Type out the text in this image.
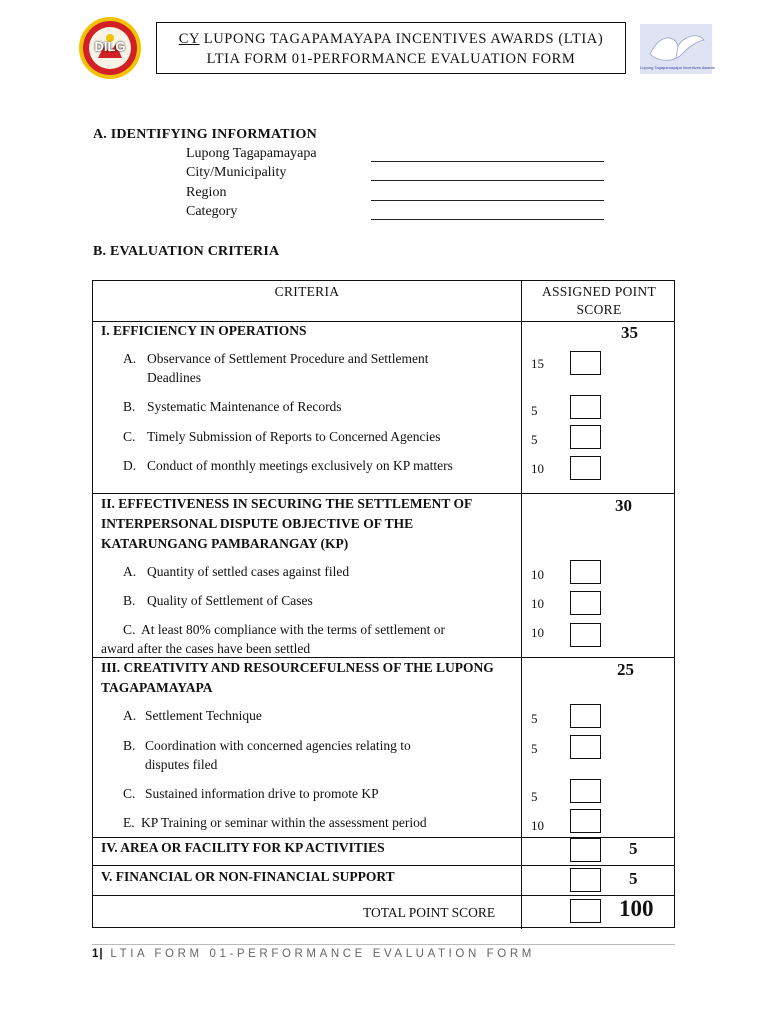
DILG	CY LUPONG TAGAPAMAYAPA INCENTIVES AWARDS (LTIA)
LTIA FORM 01-PERFORMANCE EVALUATION FORM
Lupong Tagapamayapa Incentives Awards
A. IDENTIFYING INFORMATION
Lupong Tagapamayapa
City/Municipality
Region
Category
B. EVALUATION CRITERIA
CRITERIA	ASSIGNED POINT
SCORE
I. EFFICIENCY IN OPERATIONS	35
A. Observance of Settlement Procedure and Settlement
Deadlines
15
B. Systematic Maintenance of Records	5
C. Timely Submission of Reports to Concerned Agencies	5
D. Conduct of monthly meetings exclusively on KP matters	10
II. EFFECTIVENESS IN SECURING THE SETTLEMENT OF
INTERPERSONAL DISPUTE OBJECTIVE OF THE
KATARUNGANG PAMBARANGAY (KP)
30
A. Quantity of settled cases against filed	10
B. Quality of Settlement of Cases	10
C. At least 80% compliance with the terms of settlement or
award after the cases have been settled
10
III. CREATIVITY AND RESOURCEFULNESS OF THE LUPONG
TAGAPAMAYAPA
25
A. Settlement Technique	5
B. Coordination with concerned agencies relating to
disputes filed
5
C. Sustained information drive to promote KP	5
E. KP Training or seminar within the assessment period	10
IV. AREA OR FACILITY FOR KP ACTIVITIES	5
V. FINANCIAL OR NON-FINANCIAL SUPPORT	5
TOTAL POINT SCORE	100
1| LTIA FORM 01-PERFORMANCE EVALUATION FORM
